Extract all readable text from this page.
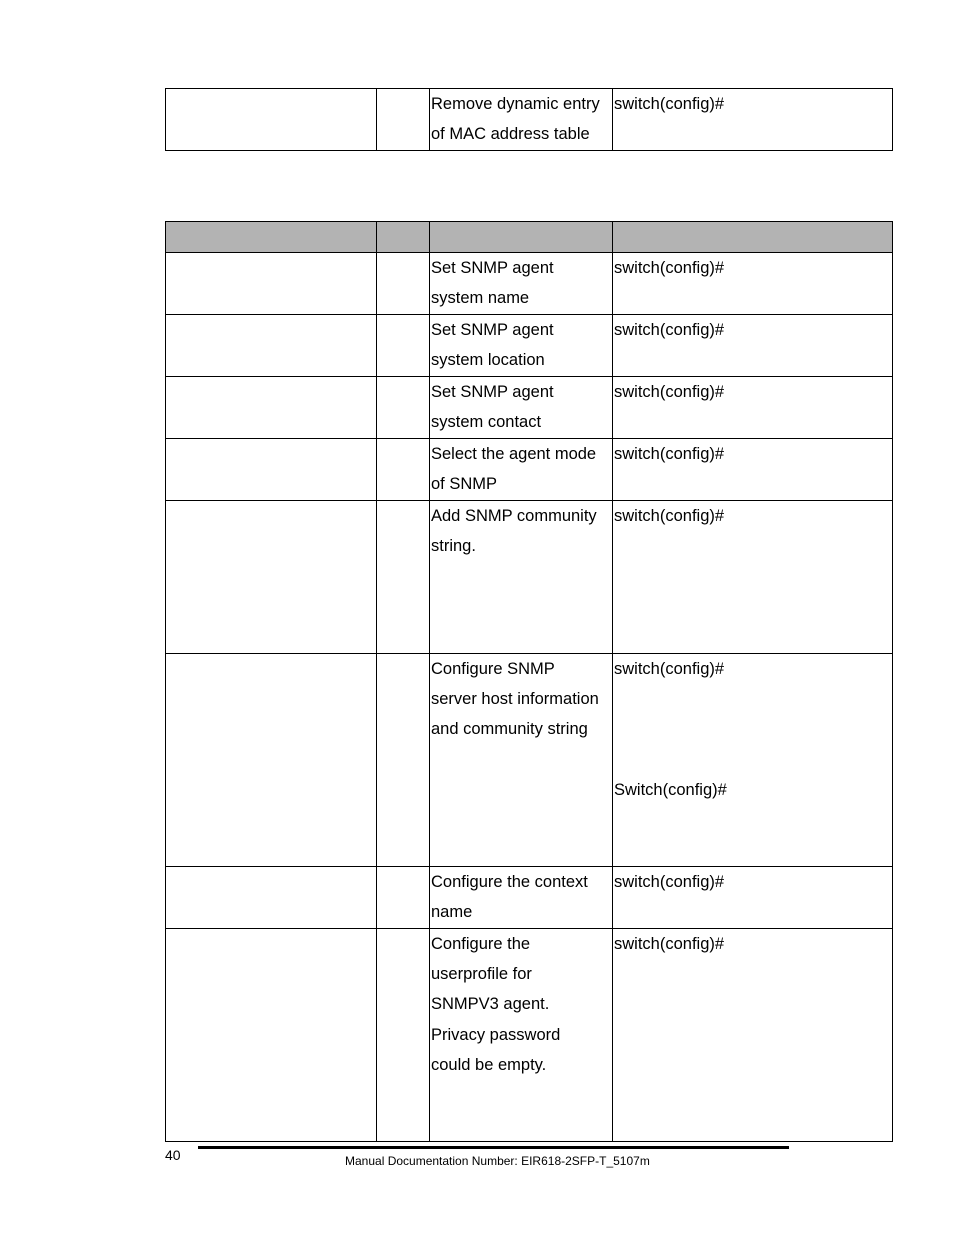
		Remove dynamic entry
of MAC address table	switch(config)#

		Set SNMP agent
system name	switch(config)#
		Set SNMP agent
system location	switch(config)#
		Set SNMP agent
system contact	switch(config)#
		Select the agent mode
of SNMP	switch(config)#
		Add SNMP community
string.	switch(config)#
		Configure SNMP
server host information
and community string	switch(config)#

Switch(config)#
		Configure the context
name	switch(config)#
		Configure the
userprofile for
SNMPV3 agent.
Privacy password
could be empty.	switch(config)#
40	Manual Documentation Number: EIR618-2SFP-T_5107m
